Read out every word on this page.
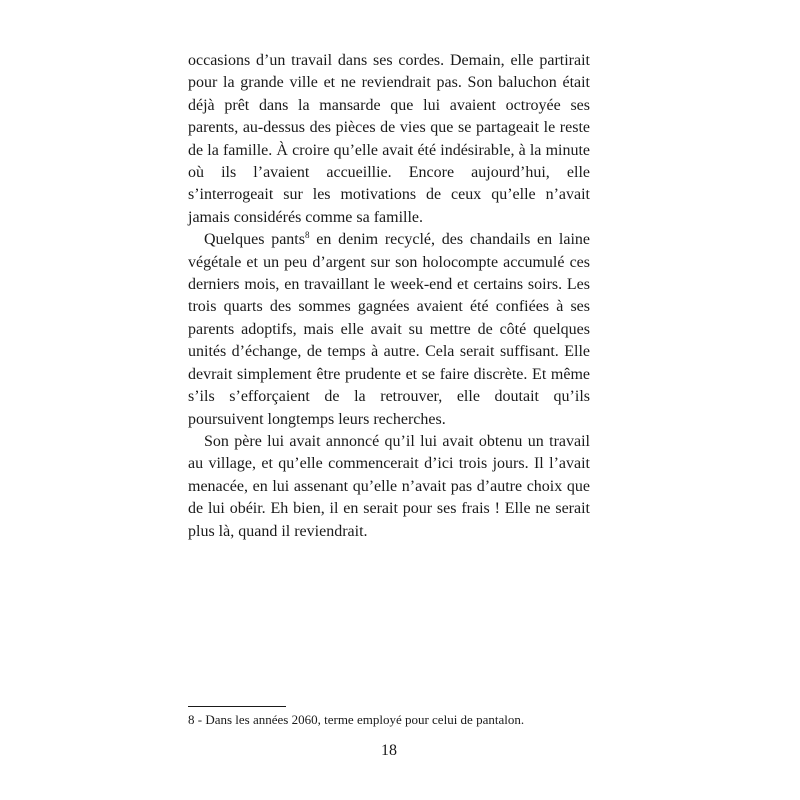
occasions d’un travail dans ses cordes. Demain, elle partirait pour la grande ville et ne reviendrait pas. Son baluchon était déjà prêt dans la mansarde que lui avaient octroyée ses parents, au-dessus des pièces de vies que se partageait le reste de la famille. À croire qu’elle avait été indésirable, à la minute où ils l’avaient accueillie. Encore aujourd’hui, elle s’interrogeait sur les motivations de ceux qu’elle n’avait jamais considérés comme sa famille.

Quelques pants$^8$ en denim recyclé, des chandails en laine végétale et un peu d’argent sur son holocompte accumulé ces derniers mois, en travaillant le week-end et certains soirs. Les trois quarts des sommes gagnées avaient été confiées à ses parents adoptifs, mais elle avait su mettre de côté quelques unités d’échange, de temps à autre. Cela serait suffisant. Elle devrait simplement être prudente et se faire discrète. Et même s’ils s’efforçaient de la retrouver, elle doutait qu’ils poursuivent longtemps leurs recherches.

Son père lui avait annoncé qu’il lui avait obtenu un travail au village, et qu’elle commencerait d’ici trois jours. Il l’avait menacée, en lui assenant qu’elle n’avait pas d’autre choix que de lui obéir. Eh bien, il en serait pour ses frais ! Elle ne serait plus là, quand il reviendrait.

8 - Dans les années 2060, terme employé pour celui de pantalon.
18
